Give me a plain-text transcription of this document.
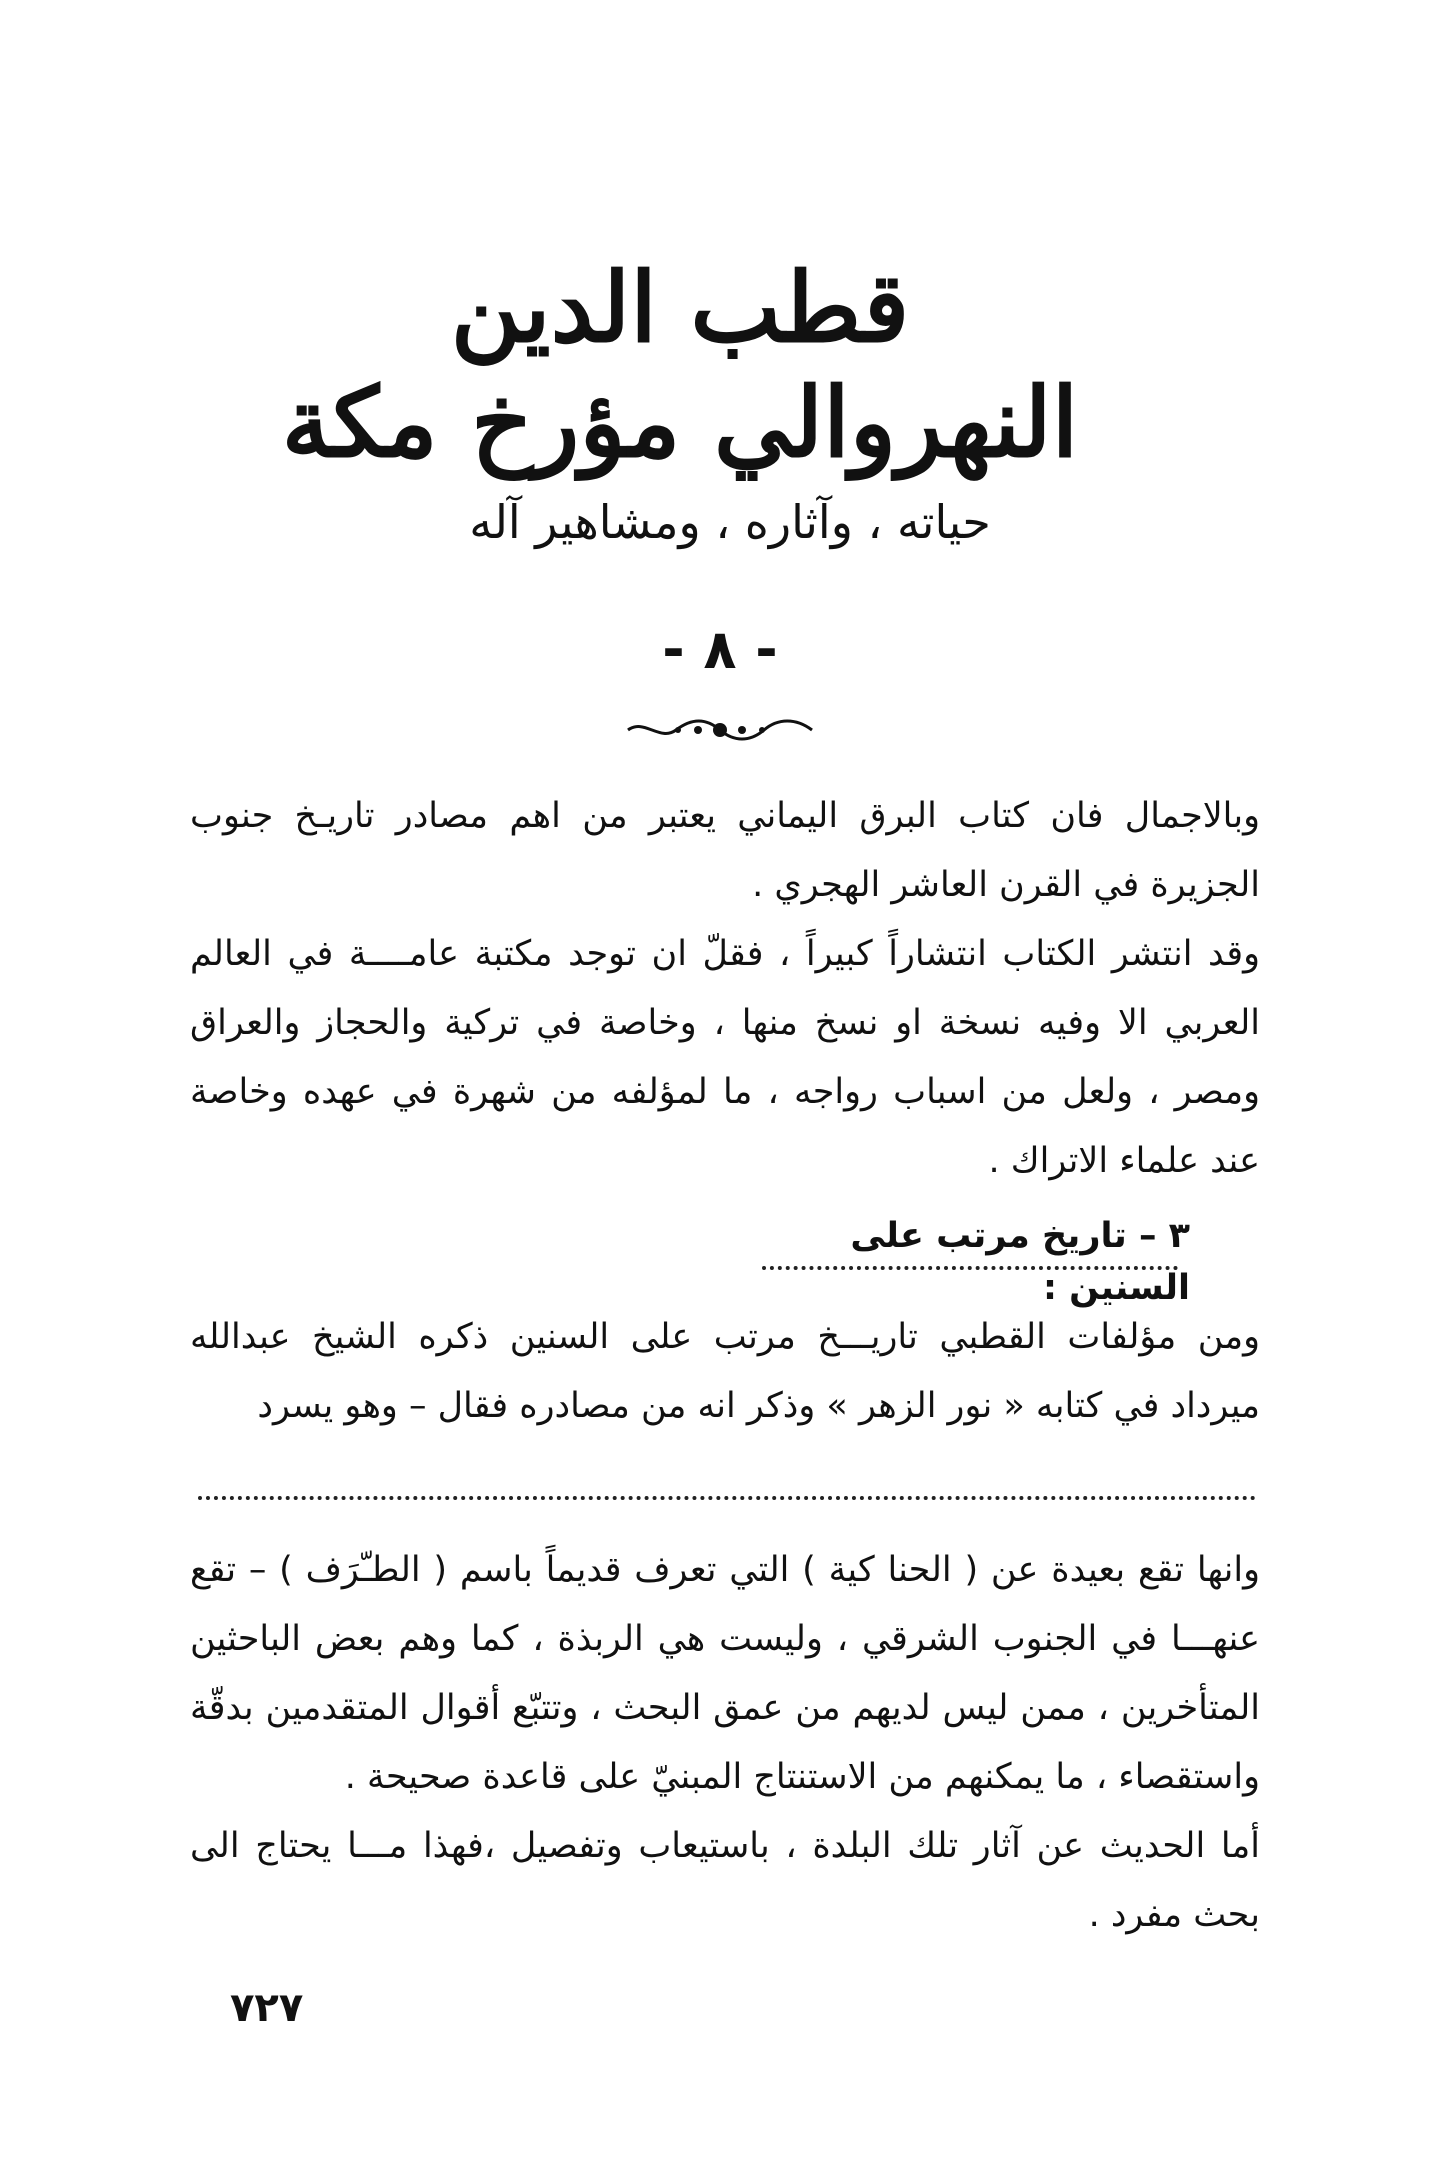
قطب الدين النهروالي مؤرخ مكة
حياته ، وآثاره ، ومشاهير آله
- ٨ -

وبالاجمال فان كتاب البرق اليماني يعتبر من اهم مصادر تاريـخ جنوب الجزيرة في القرن العاشر الهجري .

وقد انتشر الكتاب انتشاراً كبيراً ، فقلّ ان توجد مكتبة عامــــة في العالم العربي الا وفيه نسخة او نسخ منها ، وخاصة في تركية والحجاز والعراق ومصر ، ولعل من اسباب رواجه ، ما لمؤلفه من شهرة في عهده وخاصة عند علماء الاتراك .

٣ – تاريخ مرتب على السنين :

ومن مؤلفات القطبي تاريـــخ مرتب على السنين ذكره الشيخ عبدالله ميرداد في كتابه « نور الزهر » وذكر انه من مصادره فقال – وهو يسرد

وانها تقع بعيدة عن ( الحنا كية ) التي تعرف قديماً باسم ( الطـّرَف ) – تقع عنهـــا في الجنوب الشرقي ، وليست هي الربذة ، كما وهم بعض الباحثين المتأخرين ، ممن ليس لديهم من عمق البحث ، وتتبّع أقوال المتقدمين بدقّة واستقصاء ، ما يمكنهم من الاستنتاج المبنيّ على قاعدة صحيحة .

أما الحديث عن آثار تلك البلدة ، باستيعاب وتفصيل ،فهذا مـــا يحتاج الى بحث مفرد .

٧٢٧
